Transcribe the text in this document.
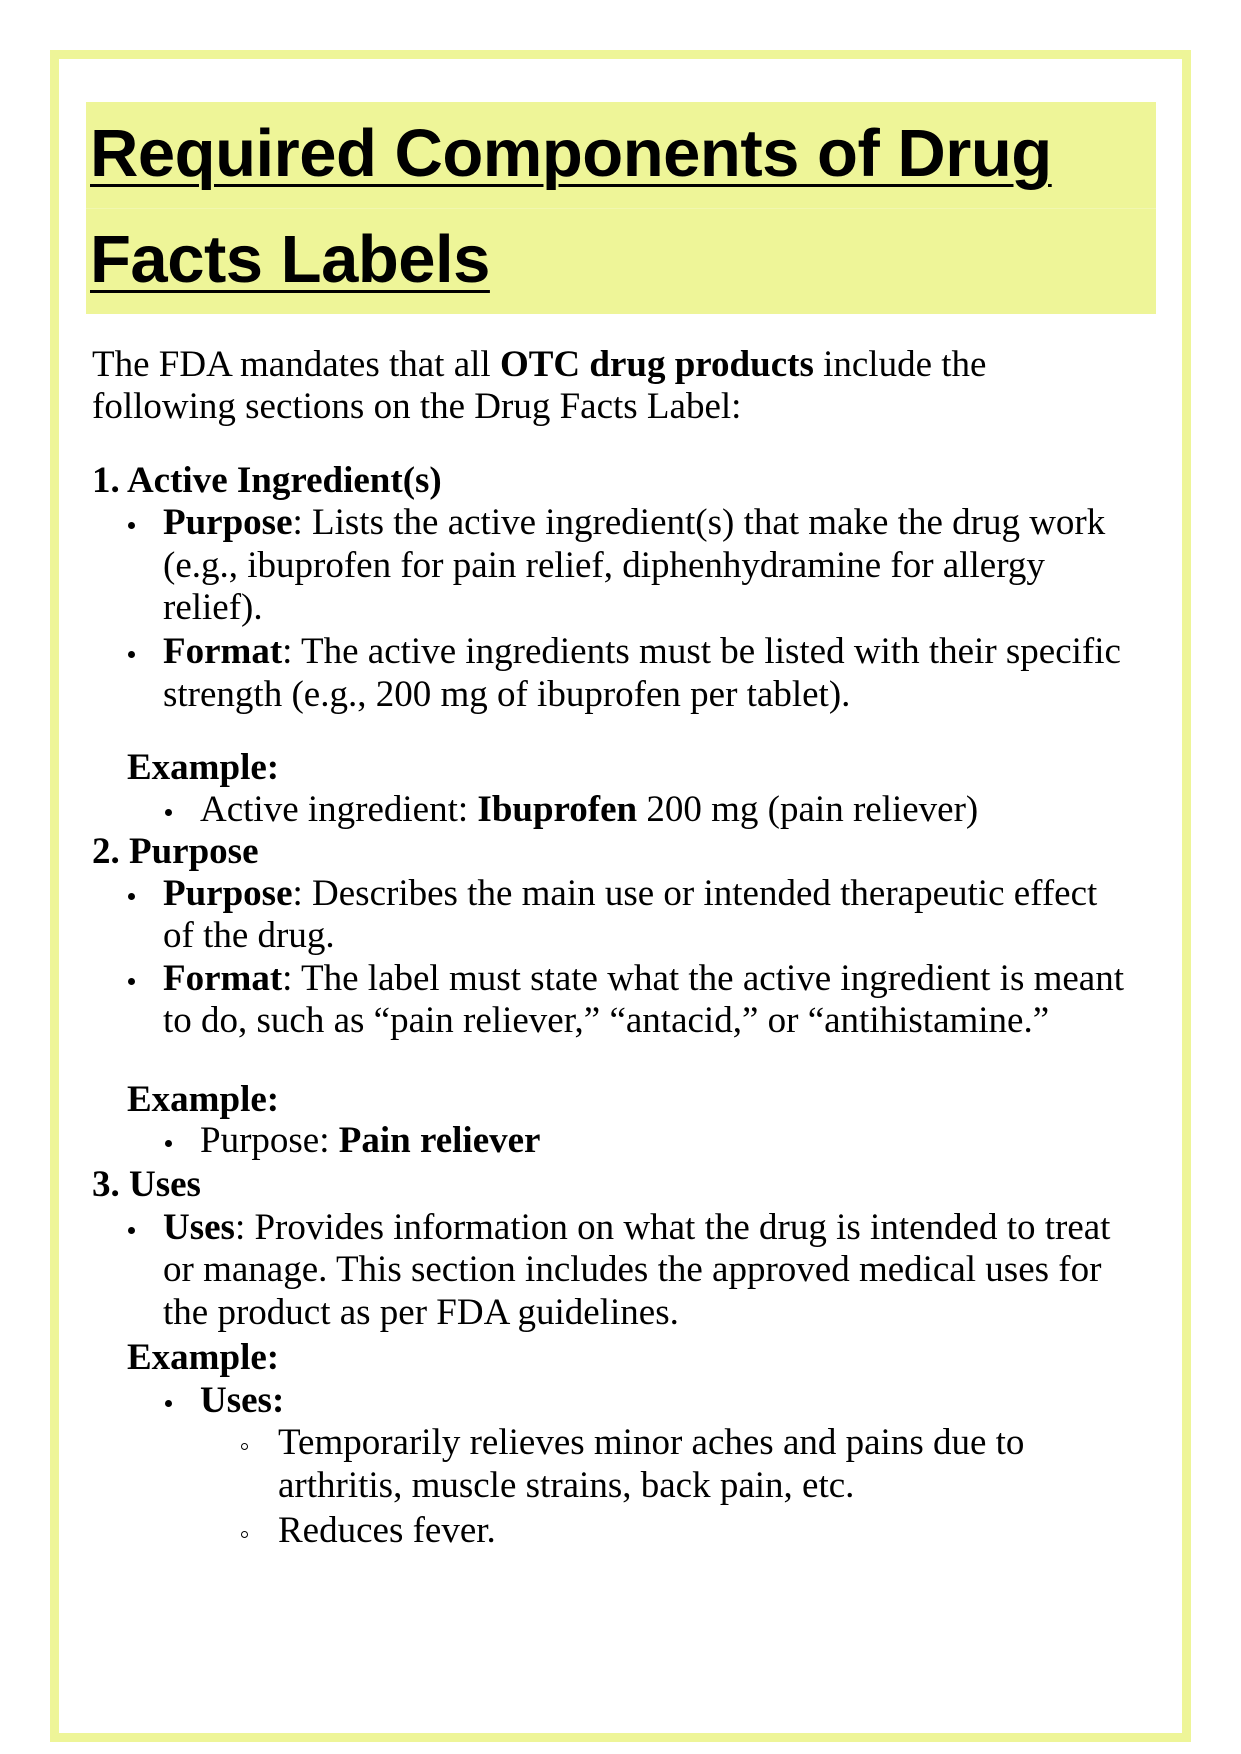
Required Components of Drug
Facts Labels

The FDA mandates that all OTC drug products include the

following sections on the Drug Facts Label:

1. Active Ingredient(s)

Purpose: Lists the active ingredient(s) that make the drug work

(e.g., ibuprofen for pain relief, diphenhydramine for allergy

relief).

Format: The active ingredients must be listed with their specific

strength (e.g., 200 mg of ibuprofen per tablet).

Example:

Active ingredient: Ibuprofen 200 mg (pain reliever)

2. Purpose

Purpose: Describes the main use or intended therapeutic effect

of the drug.

Format: The label must state what the active ingredient is meant

to do, such as “pain reliever,” “antacid,” or “antihistamine.”

Example:

Purpose: Pain reliever

3. Uses

Uses: Provides information on what the drug is intended to treat

or manage. This section includes the approved medical uses for

the product as per FDA guidelines.

Example:

Uses:

Temporarily relieves minor aches and pains due to

arthritis, muscle strains, back pain, etc.

Reduces fever.
